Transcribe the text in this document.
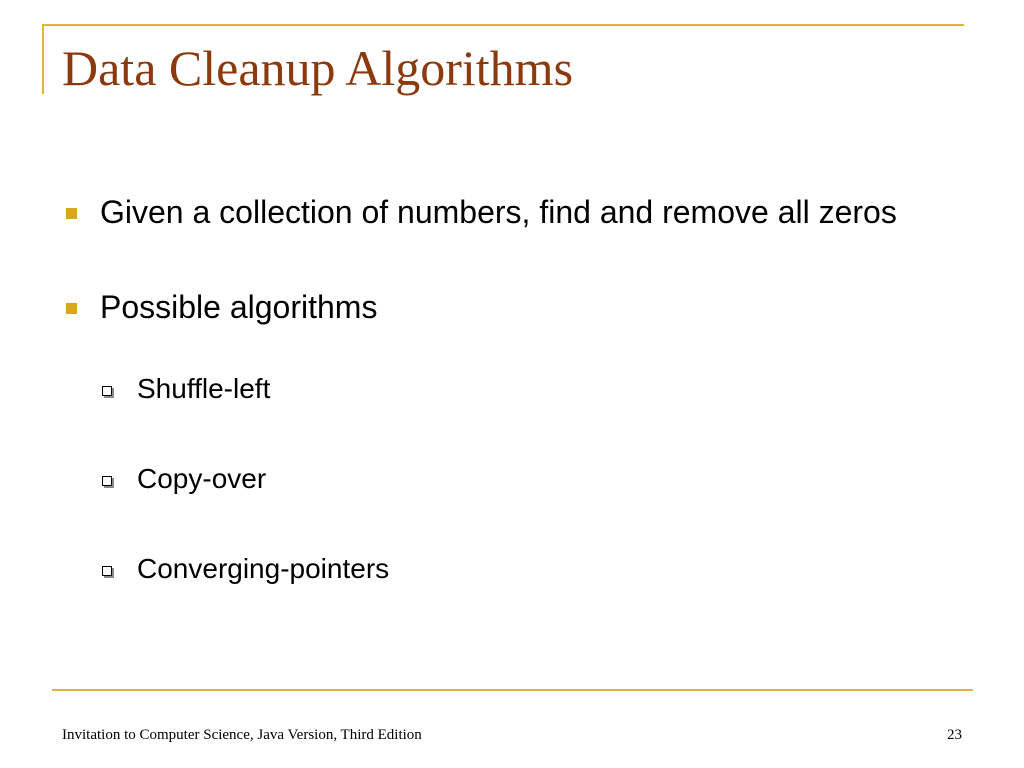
Data Cleanup Algorithms
Given a collection of numbers, find and remove all zeros
Possible algorithms
Shuffle-left
Copy-over
Converging-pointers
Invitation to Computer Science, Java Version, Third Edition	23
